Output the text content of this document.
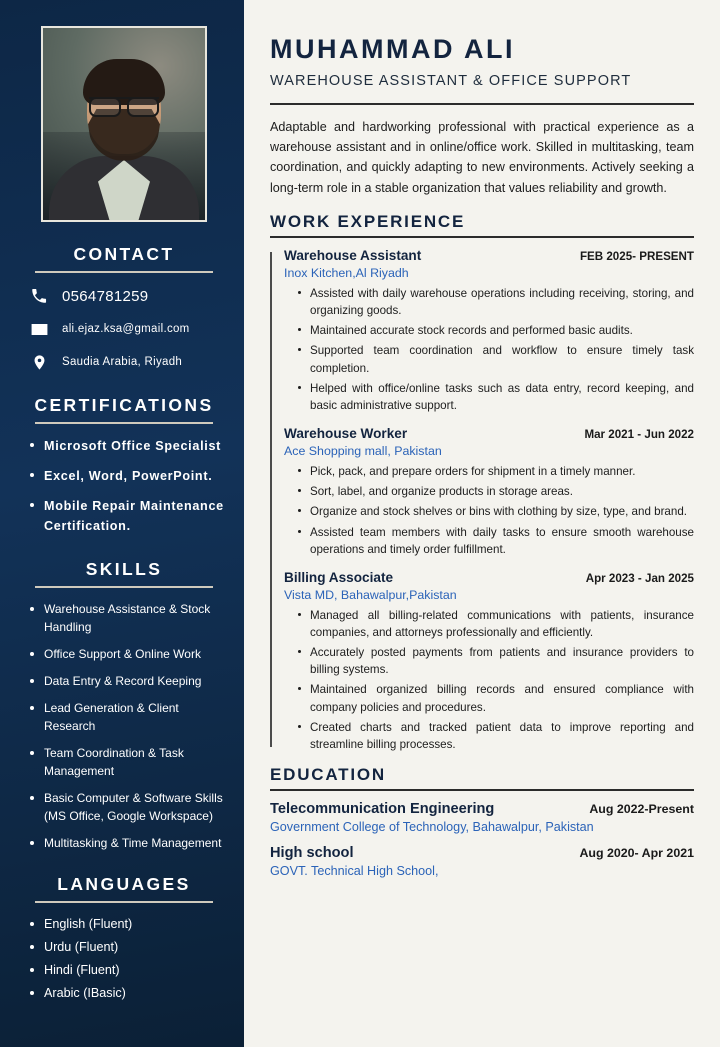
CONTACT
0564781259
ali.ejaz.ksa@gmail.com
Saudia Arabia, Riyadh
CERTIFICATIONS
Microsoft Office Specialist
Excel, Word, PowerPoint.
Mobile Repair Maintenance Certification.
SKILLS
Warehouse Assistance & Stock Handling
Office Support & Online Work
Data Entry & Record Keeping
Lead Generation & Client Research
Team Coordination & Task Management
Basic Computer & Software Skills (MS Office, Google Workspace)
Multitasking & Time Management
LANGUAGES
English (Fluent)
Urdu (Fluent)
Hindi (Fluent)
Arabic (IBasic)
MUHAMMAD ALI
WAREHOUSE ASSISTANT & OFFICE SUPPORT

Adaptable and hardworking professional with practical experience as a warehouse assistant and in online/office work. Skilled in multitasking, team coordination, and quickly adapting to new environments. Actively seeking a long-term role in a stable organization that values reliability and growth.

WORK EXPERIENCE
Warehouse Assistant	FEB 2025- PRESENT
Inox Kitchen,Al Riyadh
Assisted with daily warehouse operations including receiving, storing, and organizing goods.
Maintained accurate stock records and performed basic audits.
Supported team coordination and workflow to ensure timely task completion.
Helped with office/online tasks such as data entry, record keeping, and basic administrative support.
Warehouse Worker	Mar 2021 - Jun 2022
Ace Shopping mall, Pakistan
Pick, pack, and prepare orders for shipment in a timely manner.
Sort, label, and organize products in storage areas.
Organize and stock shelves or bins with clothing by size, type, and brand.
Assisted team members with daily tasks to ensure smooth warehouse operations and timely order fulfillment.
Billing Associate	Apr 2023 - Jan 2025
Vista MD, Bahawalpur,Pakistan
Managed all billing-related communications with patients, insurance companies, and attorneys professionally and efficiently.
Accurately posted payments from patients and insurance providers to billing systems.
Maintained organized billing records and ensured compliance with company policies and procedures.
Created charts and tracked patient data to improve reporting and streamline billing processes.
EDUCATION
Telecommunication Engineering	Aug 2022-Present
Government College of Technology, Bahawalpur, Pakistan
High school	Aug 2020- Apr 2021
GOVT. Technical High School,
